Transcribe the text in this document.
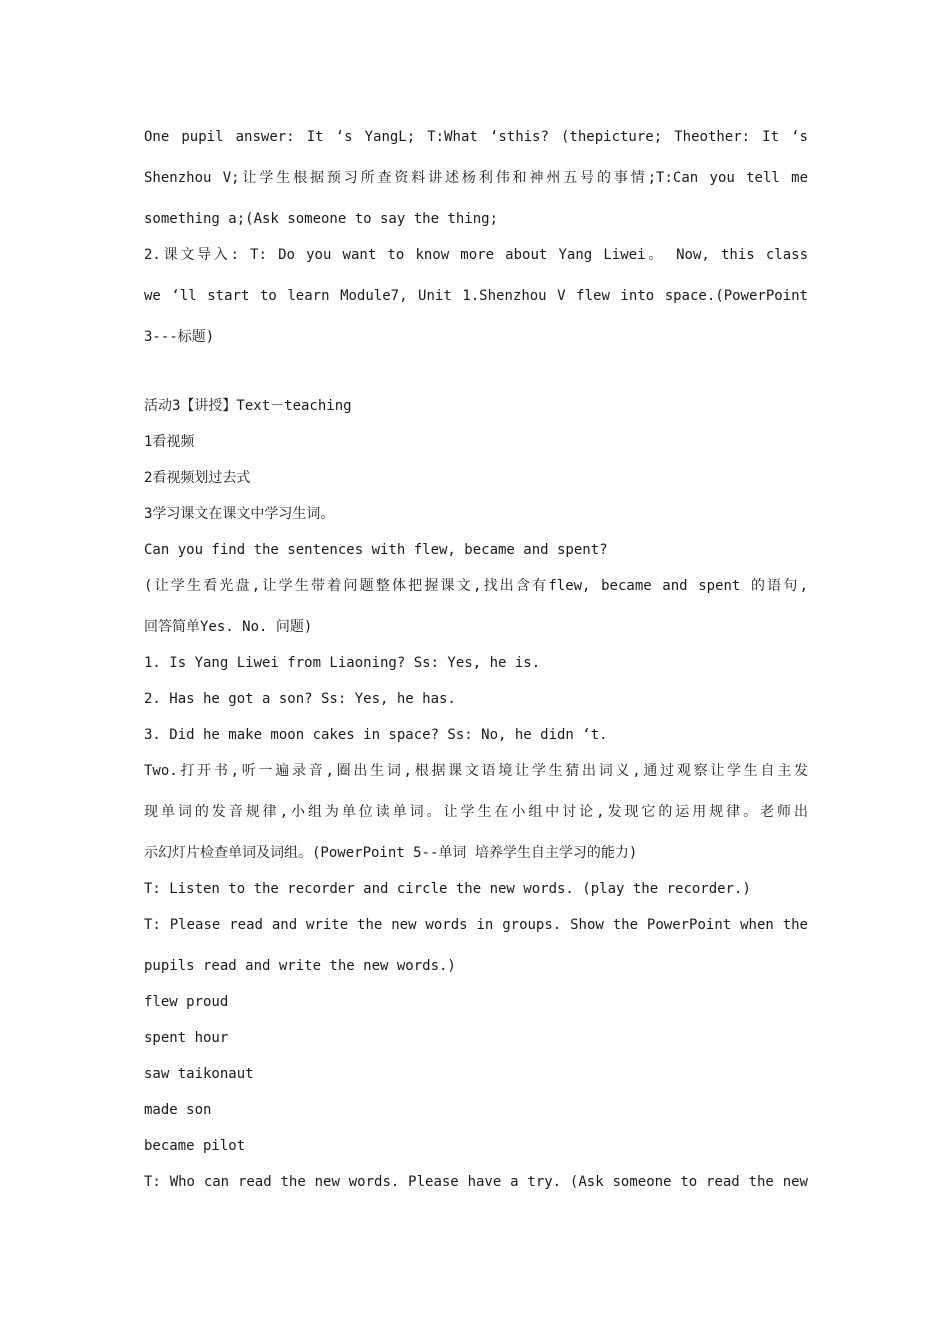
One pupil answer: It ‘s YangL; T:What ‘sthis? (thepicture; Theother: It ‘s
Shenzhou V;让学生根据预习所查资料讲述杨利伟和神州五号的事情;T:Can you tell me
something a;(Ask someone to say the thing;
2.课文导入: T: Do you want to know more about Yang Liwei。 Now, this class
we ‘ll start to learn Module7, Unit 1.Shenzhou V flew into space.(PowerPoint
3---标题)
活动3【讲授】Text－teaching
1看视频
2看视频划过去式
3学习课文在课文中学习生词。
Can you find the sentences with flew, became and spent?
(让学生看光盘,让学生带着问题整体把握课文,找出含有flew, became and spent 的语句,
回答简单Yes. No. 问题)
1. Is Yang Liwei from Liaoning? Ss: Yes, he is.
2. Has he got a son? Ss: Yes, he has.
3. Did he make moon cakes in space? Ss: No, he didn ‘t.
Two.打开书,听一遍录音,圈出生词,根据课文语境让学生猜出词义,通过观察让学生自主发
现单词的发音规律,小组为单位读单词。让学生在小组中讨论,发现它的运用规律。老师出
示幻灯片检查单词及词组。(PowerPoint 5--单词 培养学生自主学习的能力)
T: Listen to the recorder and circle the new words. (play the recorder.)
T: Please read and write the new words in groups. Show the PowerPoint when the
pupils read and write the new words.)
flew proud
spent hour
saw taikonaut
made son
became pilot
T: Who can read the new words. Please have a try. (Ask someone to read the new
